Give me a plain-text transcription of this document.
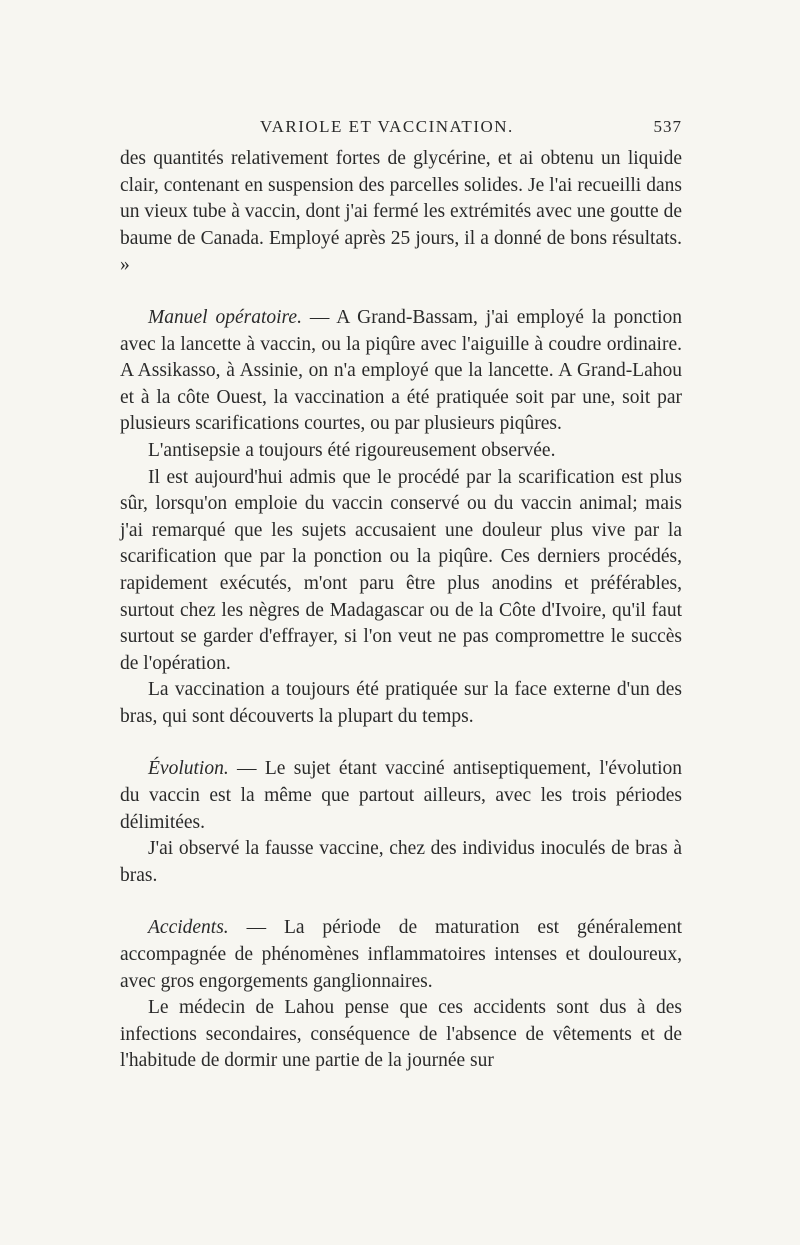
VARIOLE ET VACCINATION.	537

des quantités relativement fortes de glycérine, et ai obtenu un liquide clair, contenant en suspension des parcelles solides. Je l'ai recueilli dans un vieux tube à vaccin, dont j'ai fermé les extrémités avec une goutte de baume de Canada. Employé après 25 jours, il a donné de bons résultats. »

Manuel opératoire. — A Grand-Bassam, j'ai employé la ponction avec la lancette à vaccin, ou la piqûre avec l'aiguille à coudre ordinaire. A Assikasso, à Assinie, on n'a employé que la lancette. A Grand-Lahou et à la côte Ouest, la vaccination a été pratiquée soit par une, soit par plusieurs scarifications courtes, ou par plusieurs piqûres.

L'antisepsie a toujours été rigoureusement observée.

Il est aujourd'hui admis que le procédé par la scarification est plus sûr, lorsqu'on emploie du vaccin conservé ou du vaccin animal; mais j'ai remarqué que les sujets accusaient une douleur plus vive par la scarification que par la ponction ou la piqûre. Ces derniers procédés, rapidement exécutés, m'ont paru être plus anodins et préférables, surtout chez les nègres de Madagascar ou de la Côte d'Ivoire, qu'il faut surtout se garder d'effrayer, si l'on veut ne pas compromettre le succès de l'opération.

La vaccination a toujours été pratiquée sur la face externe d'un des bras, qui sont découverts la plupart du temps.

Évolution. — Le sujet étant vacciné antiseptiquement, l'évolution du vaccin est la même que partout ailleurs, avec les trois périodes délimitées.

J'ai observé la fausse vaccine, chez des individus inoculés de bras à bras.

Accidents. — La période de maturation est généralement accompagnée de phénomènes inflammatoires intenses et douloureux, avec gros engorgements ganglionnaires.

Le médecin de Lahou pense que ces accidents sont dus à des infections secondaires, conséquence de l'absence de vêtements et de l'habitude de dormir une partie de la journée sur
